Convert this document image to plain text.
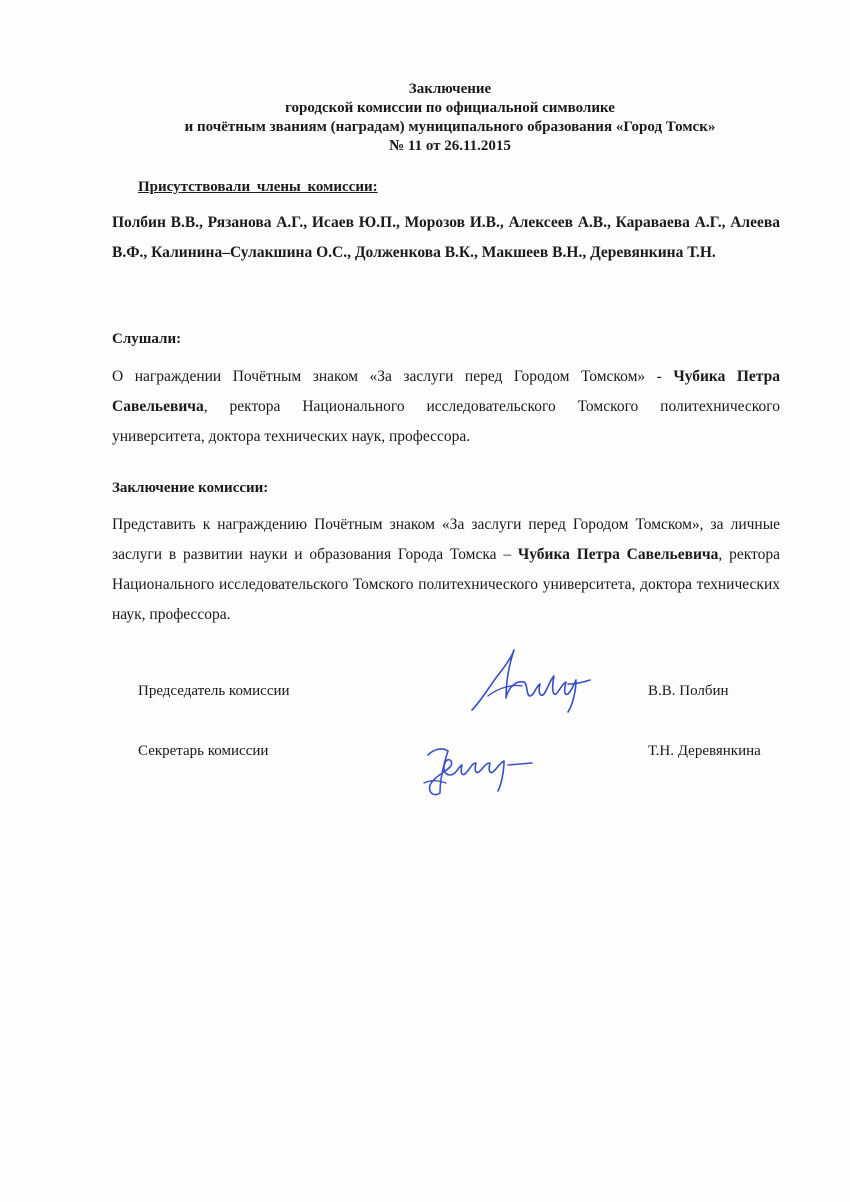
Заключение
городской комиссии по официальной символике
и почётным званиям (наградам) муниципального образования «Город Томск»
№ 11 от 26.11.2015
Присутствовали члены комиссии:
Полбин В.В., Рязанова А.Г., Исаев Ю.П., Морозов И.В., Алексеев А.В., Караваева А.Г., Алеева В.Ф., Калинина–Сулакшина О.С., Долженкова В.К., Макшеев В.Н., Деревянкина Т.Н.
Слушали:
О награждении Почётным знаком «За заслуги перед Городом Томском» - Чубика Петра Савельевича, ректора Национального исследовательского Томского политехнического университета, доктора технических наук, профессора.
Заключение комиссии:
Представить к награждению Почётным знаком «За заслуги перед Городом Томском», за личные заслуги в развитии науки и образования Города Томска – Чубика Петра Савельевича, ректора Национального исследовательского Томского политехнического университета, доктора технических наук, профессора.
Председатель комиссии	В.В. Полбин
Секретарь комиссии	Т.Н. Деревянкина
